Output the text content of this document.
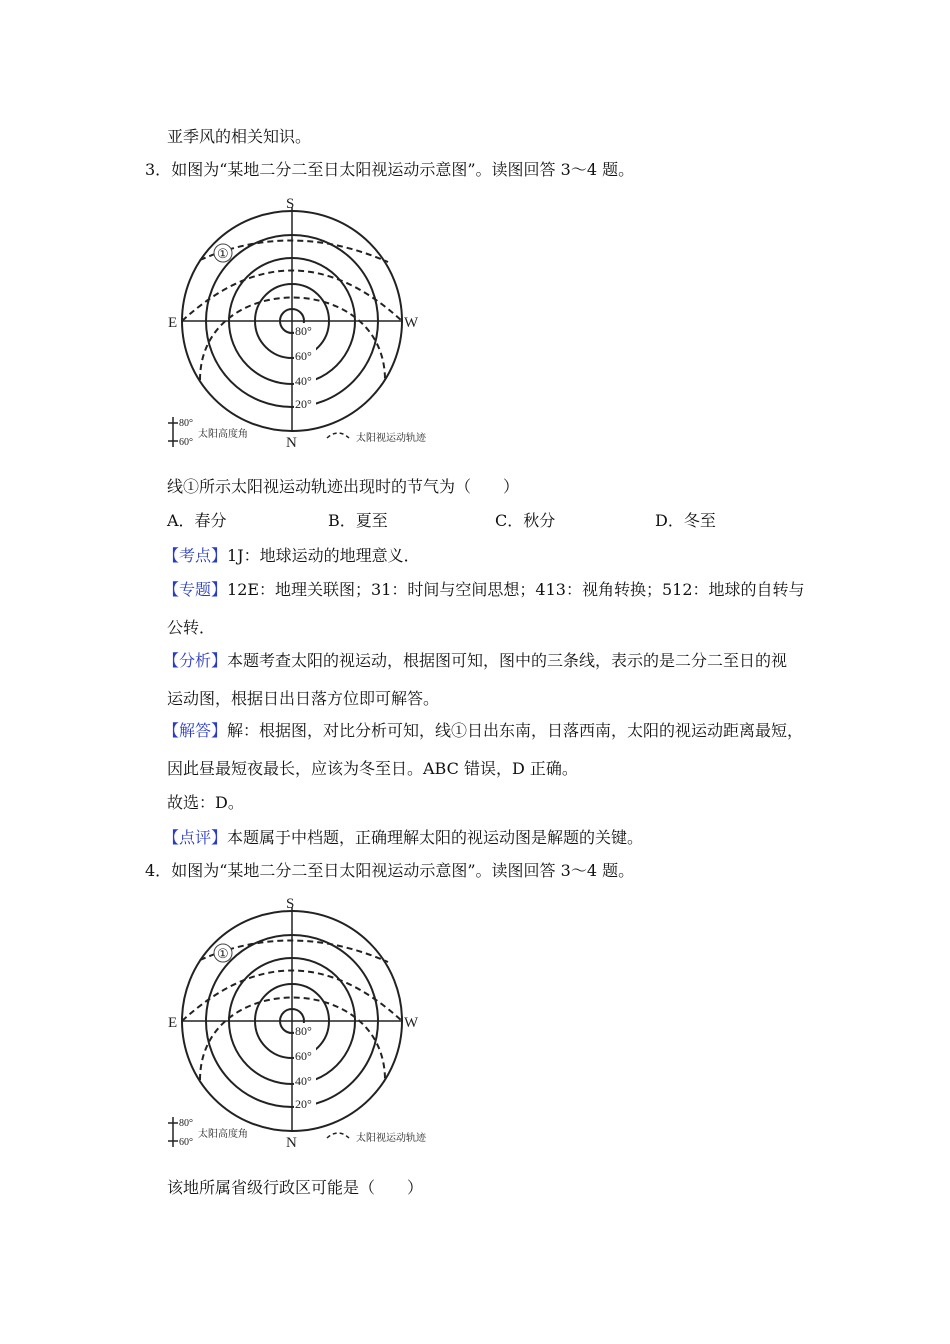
亚季风的相关知识。
3．如图为“某地二分二至日太阳视运动示意图”。读图回答 3～4 题。
80°
60°
40°
20°
S
N
E	W
①
80°
60°
太阳高度角	太阳视运动轨迹
线①所示太阳视运动轨迹出现时的节气为（　　）
A．春分	B．夏至	C．秋分	D．冬至
【考点】1J：地球运动的地理意义．
【专题】12E：地理关联图；31：时间与空间思想；413：视角转换；512：地球的自转与
公转．
【分析】本题考查太阳的视运动，根据图可知，图中的三条线，表示的是二分二至日的视
运动图，根据日出日落方位即可解答。
【解答】解：根据图，对比分析可知，线①日出东南，日落西南，太阳的视运动距离最短，
因此昼最短夜最长，应该为冬至日。ABC 错误，D 正确。
故选：D。
【点评】本题属于中档题，正确理解太阳的视运动图是解题的关键。
4．如图为“某地二分二至日太阳视运动示意图”。读图回答 3～4 题。
80°
60°
40°
20°
S
N
E	W
①
80°
60°
太阳高度角	太阳视运动轨迹
该地所属省级行政区可能是（　　）
